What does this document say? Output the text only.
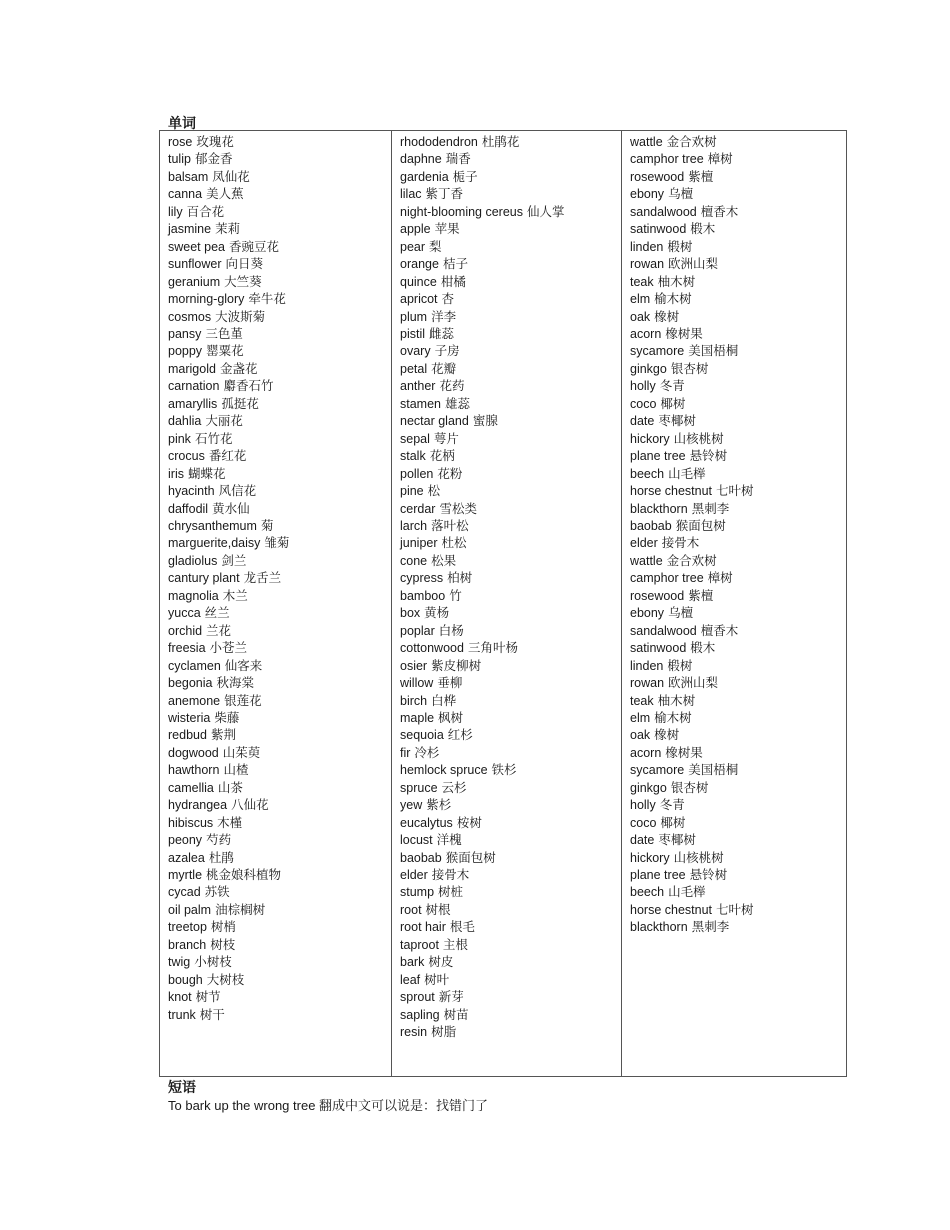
单词
rose 玫瑰花
tulip 郁金香
balsam 凤仙花
canna 美人蕉
lily 百合花
jasmine 茉莉
sweet pea 香豌豆花
sunflower 向日葵
geranium 大竺葵
morning-glory 牵牛花
cosmos 大波斯菊
pansy 三色堇
poppy 罂粟花
marigold 金盏花
carnation 麝香石竹
amaryllis 孤挺花
dahlia 大丽花
pink 石竹花
crocus 番红花
iris 蝴蝶花
hyacinth 风信花
daffodil 黄水仙
chrysanthemum 菊
marguerite,daisy 雏菊
gladiolus 剑兰
cantury plant 龙舌兰
magnolia 木兰
yucca 丝兰
orchid 兰花
freesia 小苍兰
cyclamen 仙客来
begonia 秋海棠
anemone 银莲花
wisteria 柴藤
redbud 紫荆
dogwood 山茱萸
hawthorn 山楂
camellia 山茶
hydrangea 八仙花
hibiscus 木槿
peony 芍药
azalea 杜鹃
myrtle 桃金娘科植物
cycad 苏铁
oil palm 油棕榈树
treetop 树梢
branch 树枝
twig 小树枝
bough 大树枝
knot 树节
trunk 树干
rhododendron 杜鹃花
daphne 瑞香
gardenia 栀子
lilac 紫丁香
night-blooming cereus 仙人掌
apple 苹果
pear 梨
orange 桔子
quince 柑橘
apricot 杏
plum 洋李
pistil 雌蕊
ovary 子房
petal 花瓣
anther 花药
stamen 雄蕊
nectar gland 蜜腺
sepal 萼片
stalk 花柄
pollen 花粉
pine 松
cerdar 雪松类
larch 落叶松
juniper 杜松
cone 松果
cypress 柏树
bamboo 竹
box 黄杨
poplar 白杨
cottonwood 三角叶杨
osier 紫皮柳树
willow 垂柳
birch 白桦
maple 枫树
sequoia 红杉
fir 冷杉
hemlock spruce 铁杉
spruce 云杉
yew 紫杉
eucalytus 桉树
locust 洋槐
baobab 猴面包树
elder 接骨木
stump 树桩
root 树根
root hair 根毛
taproot 主根
bark 树皮
leaf 树叶
sprout 新芽
sapling 树苗
resin 树脂
wattle 金合欢树
camphor tree 樟树
rosewood 紫檀
ebony 乌檀
sandalwood 檀香木
satinwood 椴木
linden 椴树
rowan 欧洲山梨
teak 柚木树
elm 榆木树
oak 橡树
acorn 橡树果
sycamore 美国梧桐
ginkgo 银杏树
holly 冬青
coco 椰树
date 枣椰树
hickory 山核桃树
plane tree 悬铃树
beech 山毛榉
horse chestnut 七叶树
blackthorn 黑刺李
baobab 猴面包树
elder 接骨木
wattle 金合欢树
camphor tree 樟树
rosewood 紫檀
ebony 乌檀
sandalwood 檀香木
satinwood 椴木
linden 椴树
rowan 欧洲山梨
teak 柚木树
elm 榆木树
oak 橡树
acorn 橡树果
sycamore 美国梧桐
ginkgo 银杏树
holly 冬青
coco 椰树
date 枣椰树
hickory 山核桃树
plane tree 悬铃树
beech 山毛榉
horse chestnut 七叶树
blackthorn 黑刺李
短语

To bark up the wrong tree 翻成中文可以说是：找错门了
